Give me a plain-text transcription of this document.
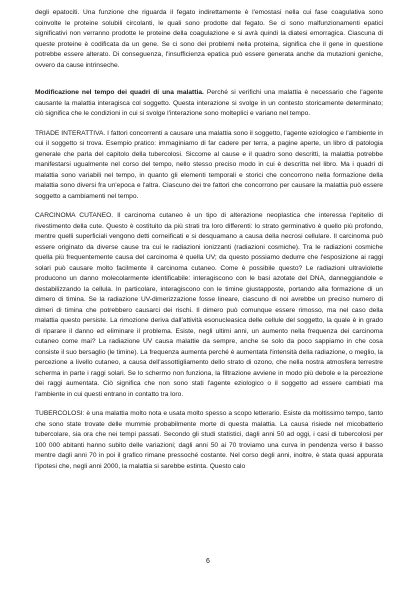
degli epatociti. Una funzione che riguarda il fegato indirettamente è l'emostasi nella cui fase coagulativa sono coinvolte le proteine solubili circolanti, le quali sono prodotte dal fegato. Se ci sono malfunzionamenti epatici significativi non verranno prodotte le proteine della coagulazione e si avrà quindi la diatesi emorragica. Ciascuna di queste proteine è codificata da un gene. Se ci sono dei problemi nella proteina, significa che il gene in questione potrebbe essere alterato. Di conseguenza, l'insufficienza epatica può essere generata anche da mutazioni geniche, ovvero da cause intrinseche.

Modificazione nel tempo dei quadri di una malattia. Perché si verifichi una malattia è necessario che l'agente causante la malattia interagisca col soggetto. Questa interazione si svolge in un contesto storicamente determinato; ciò significa che le condizioni in cui si svolge l'interazione sono molteplici e variano nel tempo.

TRIADE INTERATTIVA. I fattori concorrenti a causare una malattia sono il soggetto, l'agente eziologico e l'ambiente in cui il soggetto si trova. Esempio pratico: immaginiamo di far cadere per terra, a pagine aperte, un libro di patologia generale che parla del capitolo della tubercolosi. Siccome al cause e il quadro sono descritti, la malattia potrebbe manifestarsi ugualmente nel corso del tempo, nello stesso preciso modo in cui è descritta nel libro. Ma i quadri di malattia sono variabili nel tempo, in quanto gli elementi temporali e storici che concorrono nella formazione della malattia sono diversi fra un'epoca e l'altra. Ciascuno dei tre fattori che concorrono per causare la malattia può essere soggetto a cambiamenti nel tempo.

CARCINOMA CUTANEO. Il carcinoma cutaneo è un tipo di alterazione neoplastica che interessa l'epitelio di rivestimento della cute. Questo è costituito da più strati tra loro differenti: lo strato germinativo è quello più profondo, mentre quelli superficiali vengono detti corneificati e si desquamano a causa della necrosi cellulare. Il carcinoma può essere originato da diverse cause tra cui le radiazioni ionizzanti (radiazioni cosmiche). Tra le radiazioni cosmiche quella più frequentemente causa del carcinoma è quella UV; da questo possiamo dedurre che l'esposizione ai raggi solari può causare molto facilmente il carcinoma cutaneo. Come è possibile questo? Le radiazioni ultraviolette producono un danno molecolarmente identificabile: interagiscono con le basi azotate del DNA, danneggiandole e destabilizzando la cellula. In particolare, interagiscono con le timine giustapposte, portando alla formazione di un dimero di timina. Se la radiazione UV-dimerizzazione fosse lineare, ciascuno di noi avrebbe un preciso numero di dimeri di timina che potrebbero causarci dei rischi. Il dimero può comunque essere rimosso, ma nel caso della malattia questo persiste. La rimozione deriva dall'attività esonucleasica delle cellule del soggetto, la quale è in grado di riparare il danno ed eliminare il problema. Esiste, negli ultimi anni, un aumento nella frequenza dei carcinoma cutaneo come mai? La radiazione UV causa malattie da sempre, anche se solo da poco sappiamo in che cosa consiste il suo bersaglio (le timine). La frequenza aumenta perché è aumentata l'intensità della radiazione, o meglio, la percezione a livello cutaneo, a causa dell'assottigliamento dello strato di ozono, che nella nostra atmosfera terrestre scherma in parte i raggi solari. Se lo schermo non funziona, la filtrazione avviene in modo più debole e la percezione dei raggi aumentata. Ciò significa che non sono stati l'agente eziologico o il soggetto ad essere cambiati ma l'ambiente in cui questi entrano in contatto tra loro.

TUBERCOLOSI: è una malattia molto nota e usata molto spesso a scopo letterario. Esiste da moltissimo tempo, tanto che sono state trovate delle mummie probabilmente morte di questa malattia. La causa risiede nel micobatterio tubercolare, sia ora che nei tempi passati. Secondo gli studi statistici, dagli anni 50 ad oggi, i casi di tubercolosi per 100 000 abitanti hanno subito delle variazioni; dagli anni 50 ai 70 troviamo una curva in pendenza verso il basso mentre dagli anni 70 in poi il grafico rimane pressoché costante. Nel corso degli anni, inoltre, è stata quasi appurata l'ipotesi che, negli anni 2000, la malattia si sarebbe estinta. Questo calo

6
